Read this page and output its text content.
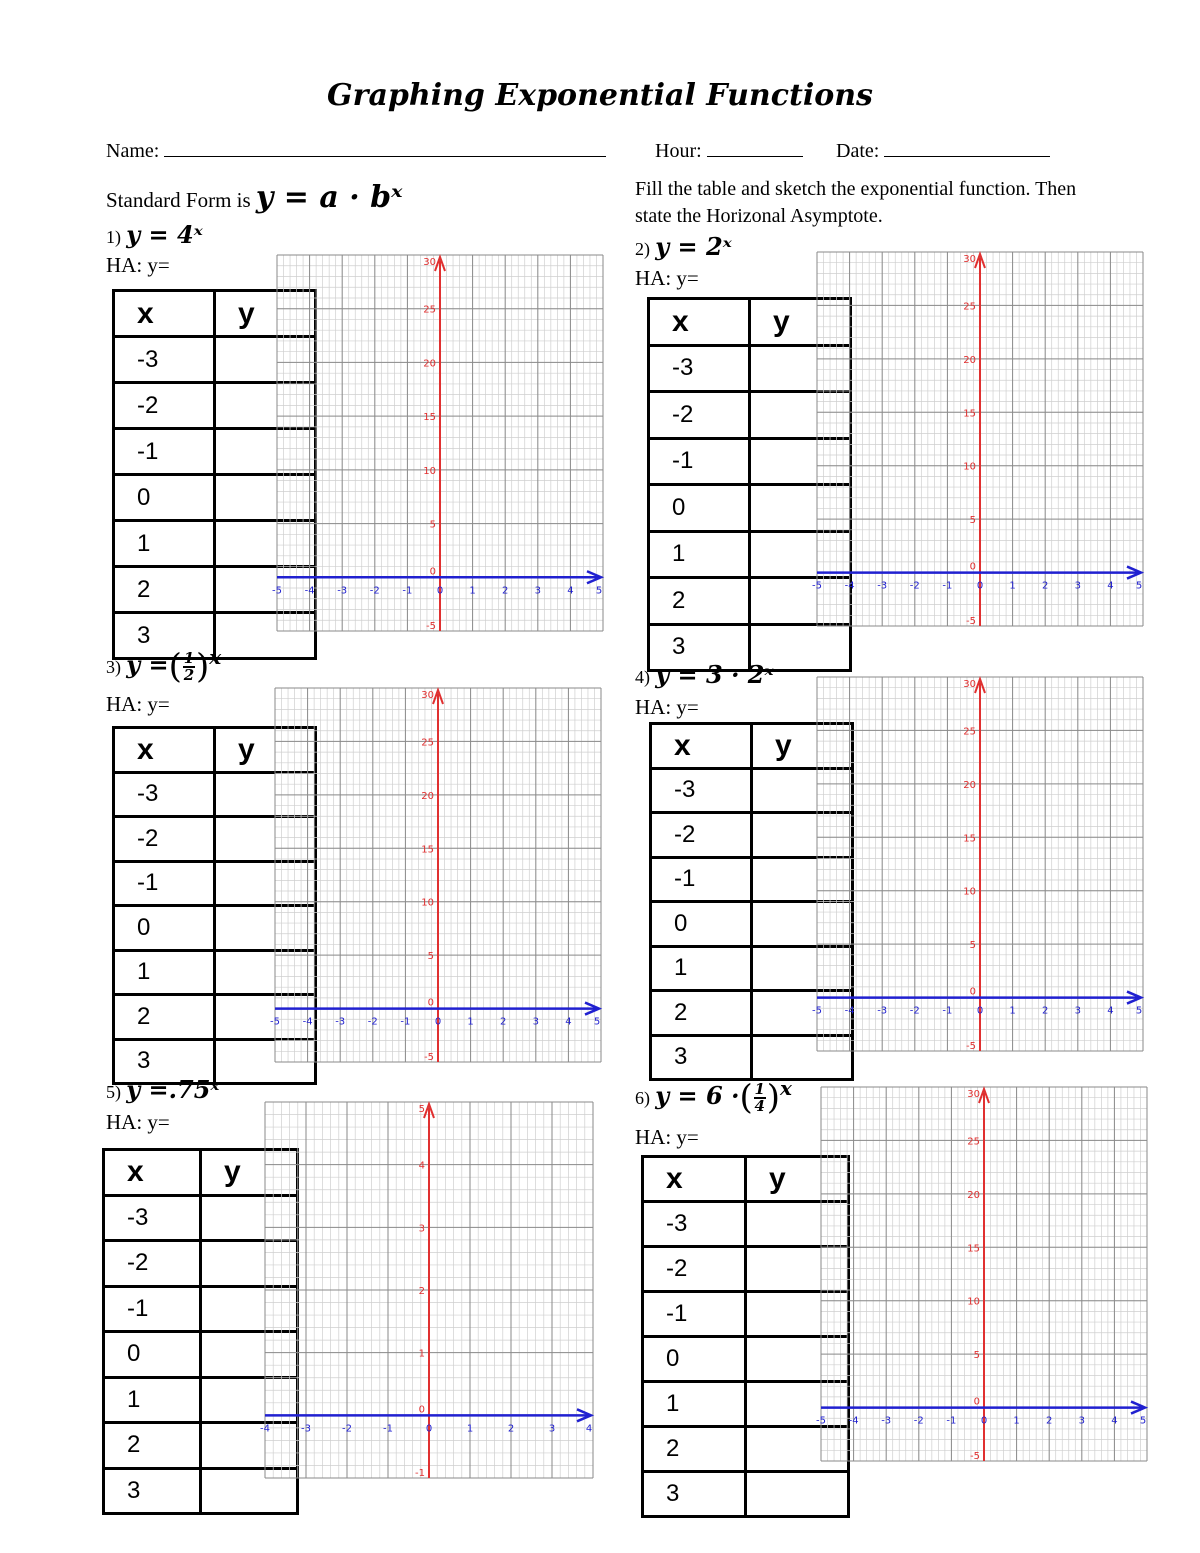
Graphing Exponential Functions
Name:	Hour:	Date:
Standard Form is y = a · bˣ	Fill the table and sketch the exponential function. Then state the Horizonal Asymptote.
1) y = 4ˣ
HA: y=
x	y
-3	
-2	
-1	
0	
1	
2	
3	
-5 -4 -3 -2 -1 0	1	2	3	4 5
-5
5
10
15
20
25
30
0
2) y = 2ˣ
HA: y=
x	y
-3	
-2	
-1	
0	
1	
2	
3	
-5 -4 -3 -2 -1 0	1	2	3	4 5
-5
5
10
15
20
25
30
0
3) y =( $\frac{1}{2} )^x$
HA: y=
x	y
-3	
-2	
-1	
0	
1	
2	
3	
-5 -4 -3 -2 -1 0	1	2	3	4 5
-5
5
10
15
20
25
30
0
4) y = 3 · 2ˣ
HA: y=
x	y
-3	
-2	
-1	
0	
1	
2	
3	
-5 -4 -3 -2 -1 0	1	2	3	4 5
-5
5
10
15
20
25
30
0
5) y =.75ˣ
HA: y=
x	y
-3	
-2	
-1	
0	
1	
2	
3	
-4	-3	-2	-1	0	1	2	3	4
-1
1
2
3
4
5
0
6) y = 6 ·( $\frac{1}{4} )^x$
HA: y=
x	y
-3	
-2	
-1	
0	
1	
2	
3	
-5 -4 -3 -2 -1 0	1	2	3	4 5
-5
5
10
15
20
25
30
0
